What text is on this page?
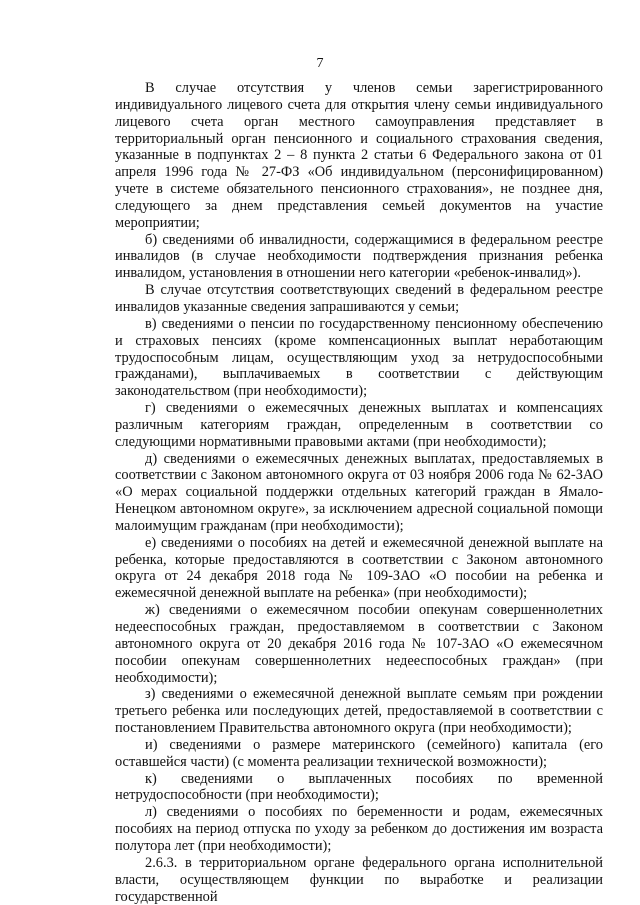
7

В случае отсутствия у членов семьи зарегистрированного индивидуального лицевого счета для открытия члену семьи индивидуального лицевого счета орган местного самоуправления представляет в территориальный орган пенсионного и социального страхования сведения, указанные в подпунктах 2 – 8 пункта 2 статьи 6 Федерального закона от 01 апреля 1996 года № 27-ФЗ «Об индивидуальном (персонифицированном) учете в системе обязательного пенсионного страхования», не позднее дня, следующего за днем представления семьей документов на участие мероприятии;

б) сведениями об инвалидности, содержащимися в федеральном реестре инвалидов (в случае необходимости подтверждения признания ребенка инвалидом, установления в отношении него категории «ребенок-инвалид»).

В случае отсутствия соответствующих сведений в федеральном реестре инвалидов указанные сведения запрашиваются у семьи;

в) сведениями о пенсии по государственному пенсионному обеспечению и страховых пенсиях (кроме компенсационных выплат неработающим трудоспособным лицам, осуществляющим уход за нетрудоспособными гражданами), выплачиваемых в соответствии с действующим законодательством (при необходимости);

г) сведениями о ежемесячных денежных выплатах и компенсациях различным категориям граждан, определенным в соответствии со следующими нормативными правовыми актами (при необходимости);

д) сведениями о ежемесячных денежных выплатах, предоставляемых в соответствии с Законом автономного округа от 03 ноября 2006 года № 62-ЗАО «О мерах социальной поддержки отдельных категорий граждан в Ямало-Ненецком автономном округе», за исключением адресной социальной помощи малоимущим гражданам (при необходимости);

е) сведениями о пособиях на детей и ежемесячной денежной выплате на ребенка, которые предоставляются в соответствии с Законом автономного округа от 24 декабря 2018 года № 109-ЗАО «О пособии на ребенка и ежемесячной денежной выплате на ребенка» (при необходимости);

ж) сведениями о ежемесячном пособии опекунам совершеннолетних недееспособных граждан, предоставляемом в соответствии с Законом автономного округа от 20 декабря 2016 года № 107-ЗАО «О ежемесячном пособии опекунам совершеннолетних недееспособных граждан» (при необходимости);

з) сведениями о ежемесячной денежной выплате семьям при рождении третьего ребенка или последующих детей, предоставляемой в соответствии с постановлением Правительства автономного округа (при необходимости);

и) сведениями о размере материнского (семейного) капитала (его оставшейся части) (с момента реализации технической возможности);

к) сведениями о выплаченных пособиях по временной нетрудоспособности (при необходимости);

л) сведениями о пособиях по беременности и родам, ежемесячных пособиях на период отпуска по уходу за ребенком до достижения им возраста полутора лет (при необходимости);

2.6.3. в территориальном органе федерального органа исполнительной власти, осуществляющем функции по выработке и реализации государственной
